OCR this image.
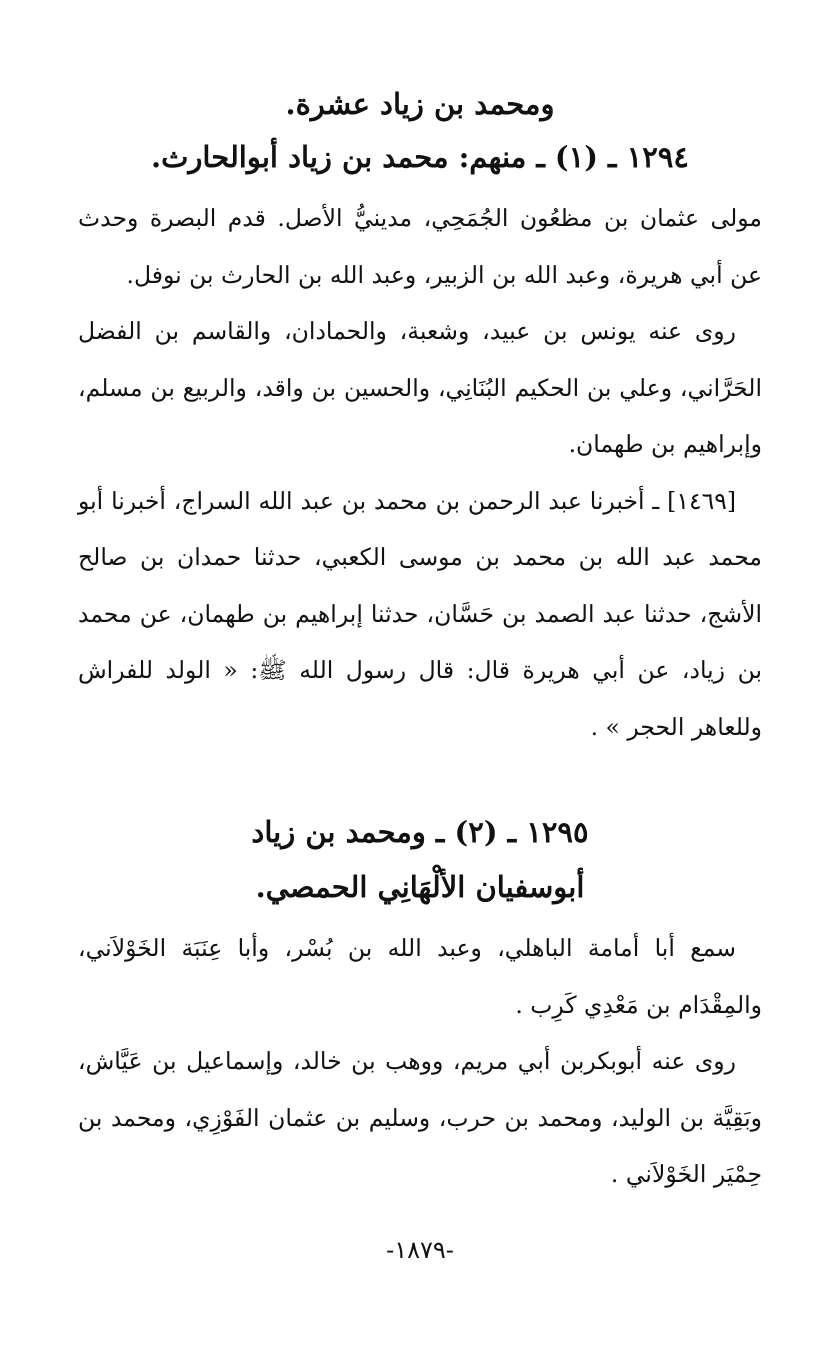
ومحمد بن زياد عشرة.

١٢٩٤ ـ (١) ـ منهم: محمد بن زياد أبوالحارث.

مولى عثمان بن مظعُون الجُمَحِي، مدينيُّ الأصل. قدم البصرة وحدث عن أبي هريرة، وعبد الله بن الزبير، وعبد الله بن الحارث بن نوفل.

روى عنه يونس بن عبيد، وشعبة، والحمادان، والقاسم بن الفضل الحَرَّاني، وعلي بن الحكيم البُنَانِي، والحسين بن واقد، والربيع بن مسلم، وإبراهيم بن طهمان.

[١٤٦٩] ـ أخبرنا عبد الرحمن بن محمد بن عبد الله السراج، أخبرنا أبو محمد عبد الله بن محمد بن موسى الكعبي، حدثنا حمدان بن صالح الأشج، حدثنا عبد الصمد بن حَسَّان، حدثنا إبراهيم بن طهمان، عن محمد بن زياد، عن أبي هريرة قال: قال رسول الله ﷺ: « الولد للفراش وللعاهر الحجر » .

١٢٩٥ ـ (٢) ـ ومحمد بن زياد

أبوسفيان الألْهَانِي الحمصي.

سمع أبا أمامة الباهلي، وعبد الله بن بُسْر، وأبا عِنَبَة الخَوْلاَني، والمِقْدَام بن مَعْدِي كَرِب .

روى عنه أبوبكربن أبي مريم، ووهب بن خالد، وإسماعيل بن عَيَّاش، وبَقِيَّة بن الوليد، ومحمد بن حرب، وسليم بن عثمان الفَوْزِي، ومحمد بن حِمْيَر الخَوْلاَني .

-١٨٧٩-
